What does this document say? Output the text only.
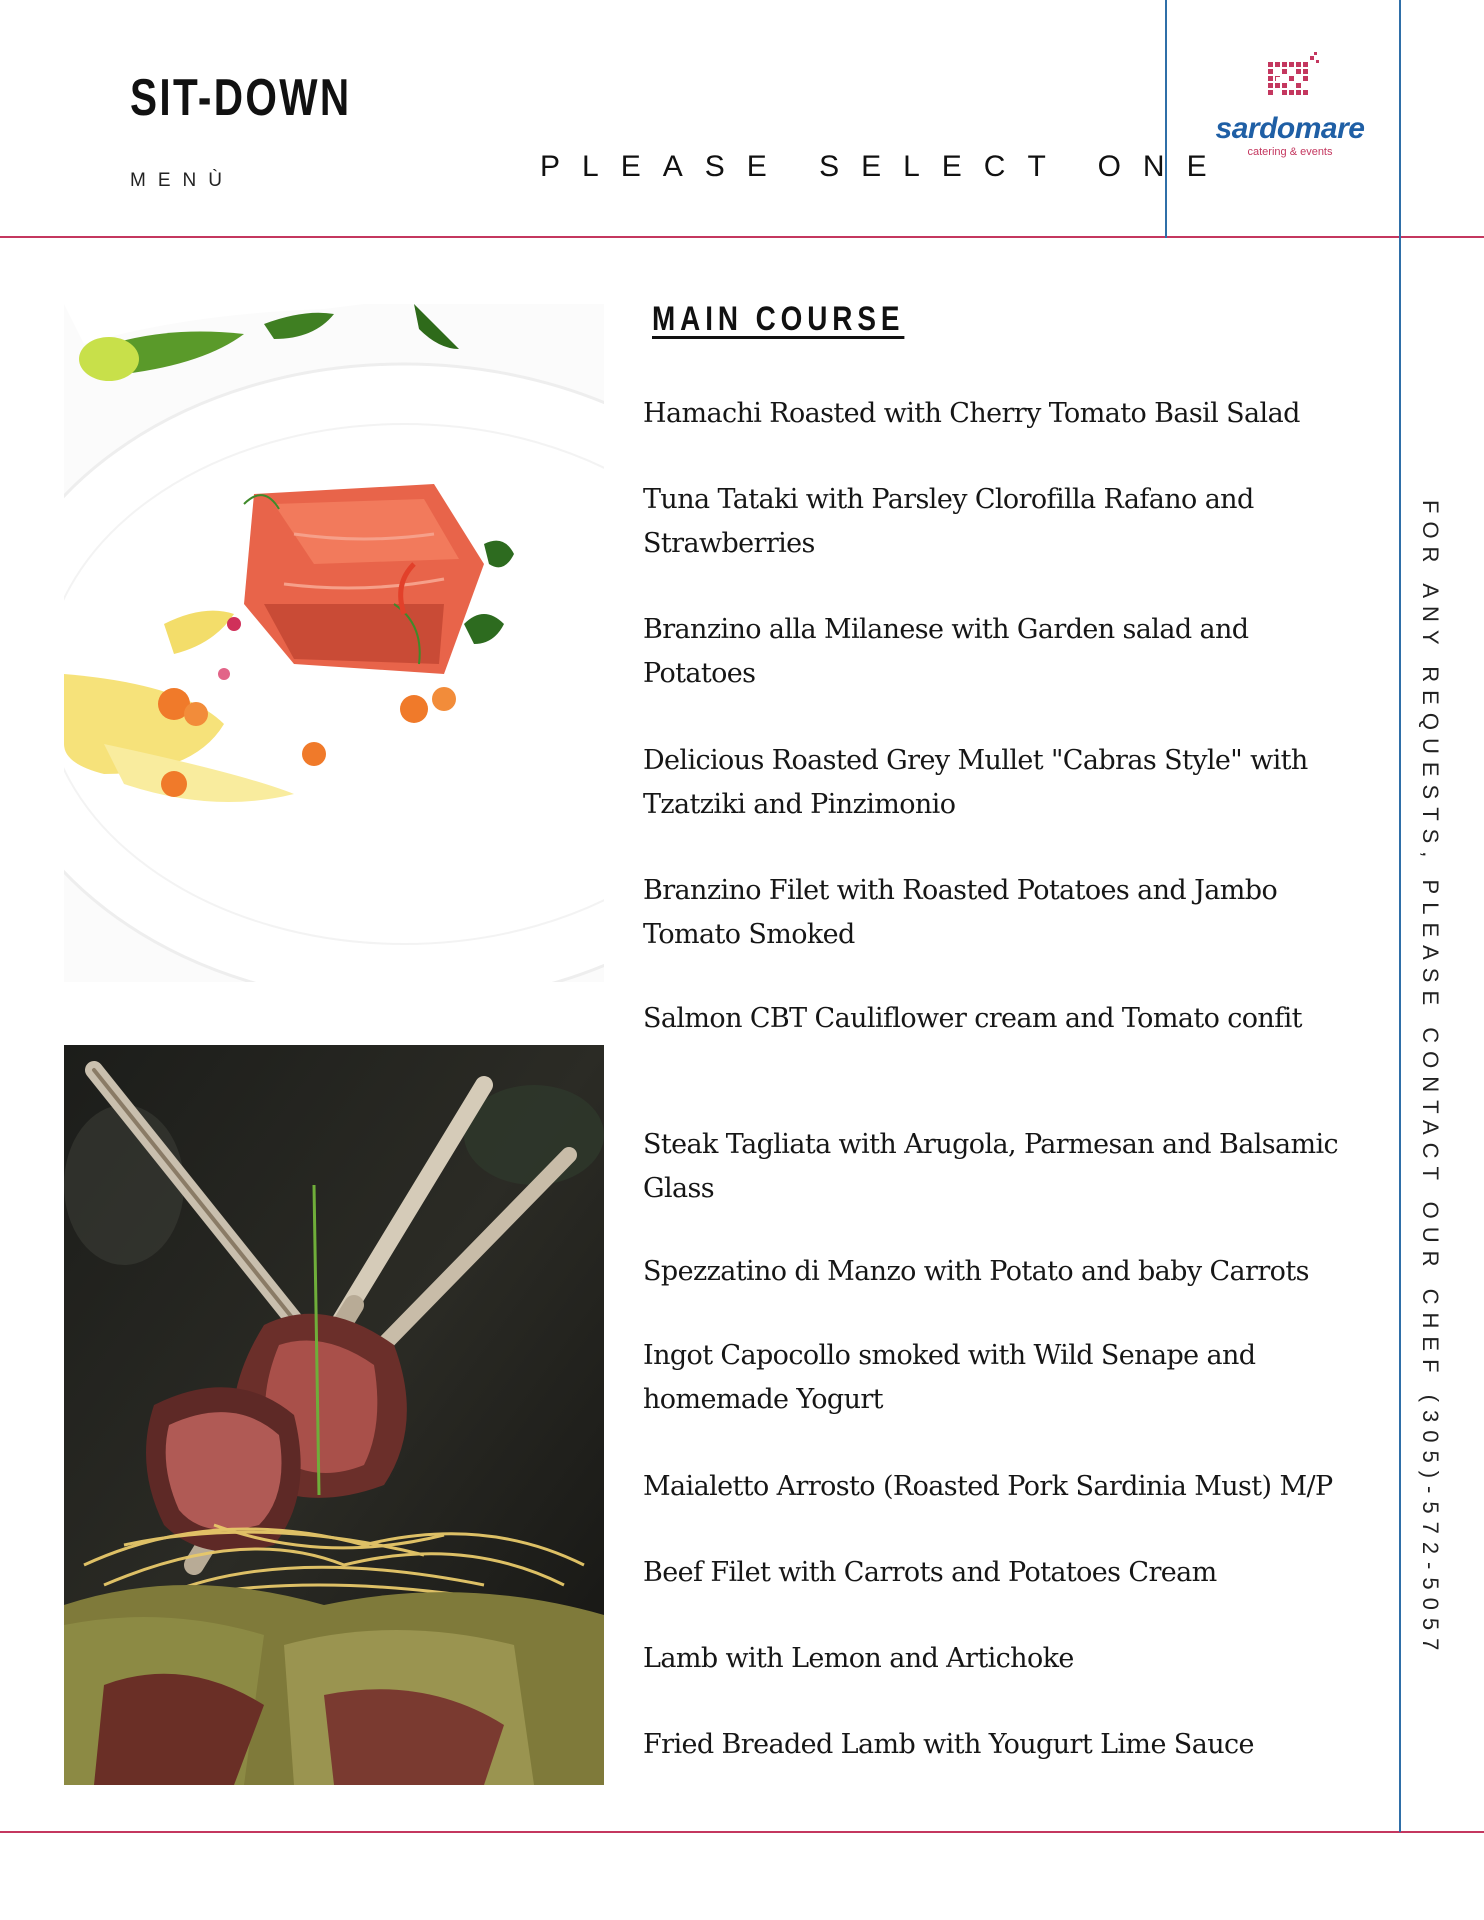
SIT-DOWN
MENÙ	PLEASE SELECT ONE
sardomare
catering & events
MAIN COURSE

Hamachi Roasted with Cherry Tomato Basil Salad

Tuna Tataki with Parsley Clorofilla Rafano and Strawberries

Branzino alla Milanese with Garden salad and Potatoes

Delicious Roasted Grey Mullet "Cabras Style" with Tzatziki and Pinzimonio

Branzino Filet with Roasted Potatoes and Jambo Tomato Smoked

Salmon CBT Cauliflower cream and Tomato confit

Steak Tagliata with Arugola, Parmesan and Balsamic Glass

Spezzatino di Manzo with Potato and baby Carrots

Ingot Capocollo smoked with Wild Senape and homemade Yogurt

Maialetto Arrosto (Roasted Pork Sardinia Must) M/P

Beef Filet with Carrots and Potatoes Cream

Lamb with Lemon and Artichoke

Fried Breaded Lamb with Yougurt Lime Sauce

FOR ANY REQUESTS, PLEASE CONTACT OUR CHEF (305)-572-5057
